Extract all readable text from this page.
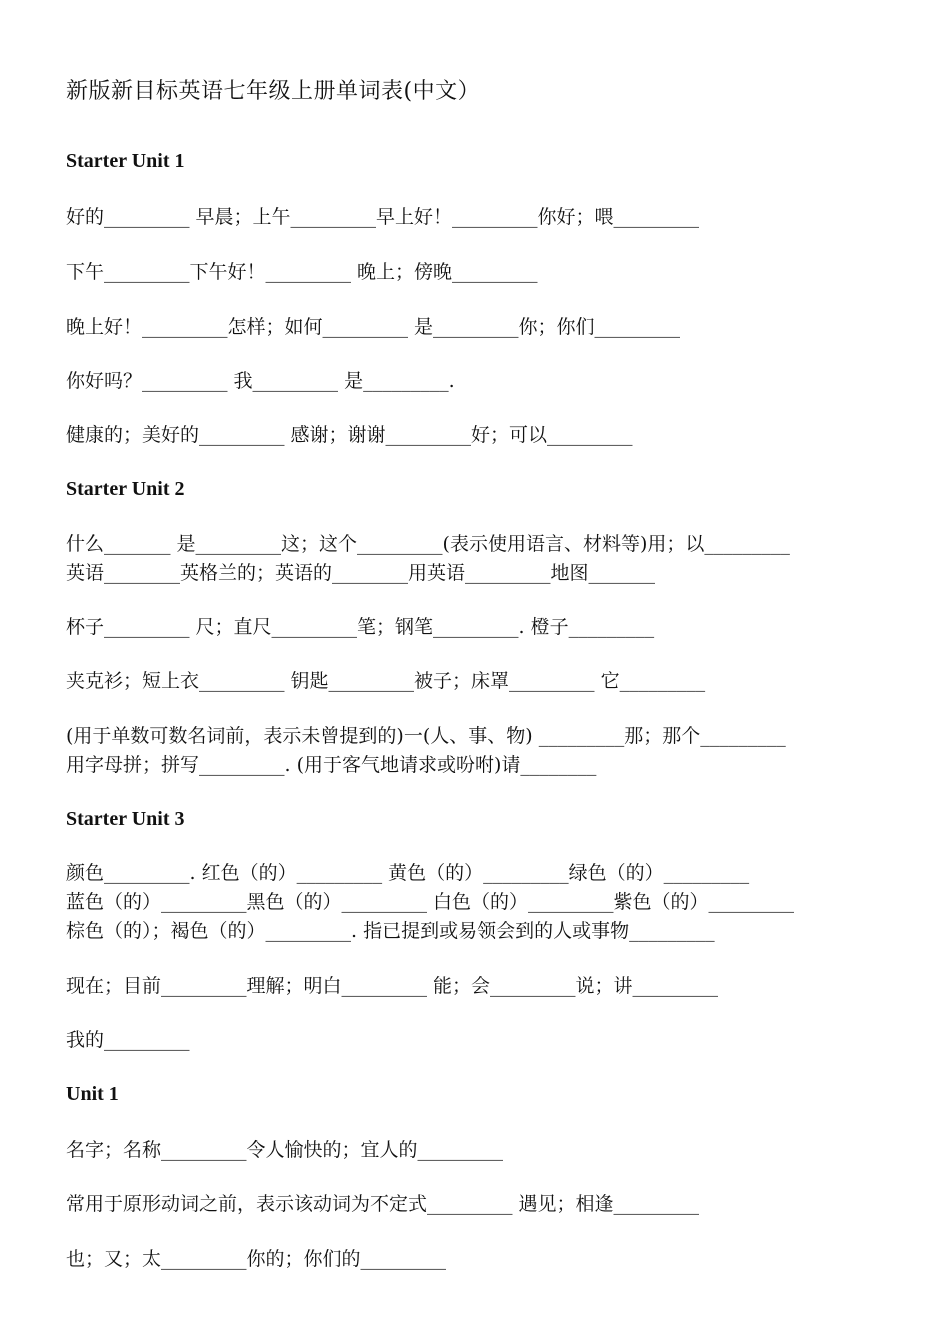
新版新目标英语七年级上册单词表(中文）
Starter Unit 1
好的_________ 早晨；上午_________早上好！_________你好；喂_________
下午_________下午好！_________ 晚上；傍晚_________
晚上好！_________怎样；如何_________ 是_________你；你们_________
你好吗？_________ 我_________ 是_________.
健康的；美好的_________ 感谢；谢谢_________好；可以_________
Starter Unit 2
什么_______ 是_________这；这个_________(表示使用语言、材料等)用；以_________
英语________英格兰的；英语的________用英语_________地图_______
杯子_________ 尺；直尺_________笔；钢笔_________. 橙子_________
夹克衫；短上衣_________ 钥匙_________被子；床罩_________ 它_________
(用于单数可数名词前，表示未曾提到的)一(人、事、物) _________那；那个_________
用字母拼；拼写_________. (用于客气地请求或吩咐)请________
Starter Unit 3
颜色_________. 红色（的）_________ 黄色（的）_________绿色（的）_________
蓝色（的）_________黑色（的）_________ 白色（的）_________紫色（的）_________
棕色（的）；褐色（的）_________. 指已提到或易领会到的人或事物_________
现在；目前_________理解；明白_________ 能；会_________说；讲_________
我的_________
Unit 1
名字；名称_________令人愉快的；宜人的_________
常用于原形动词之前，表示该动词为不定式_________ 遇见；相逢_________
也；又；太_________你的；你们的_________
